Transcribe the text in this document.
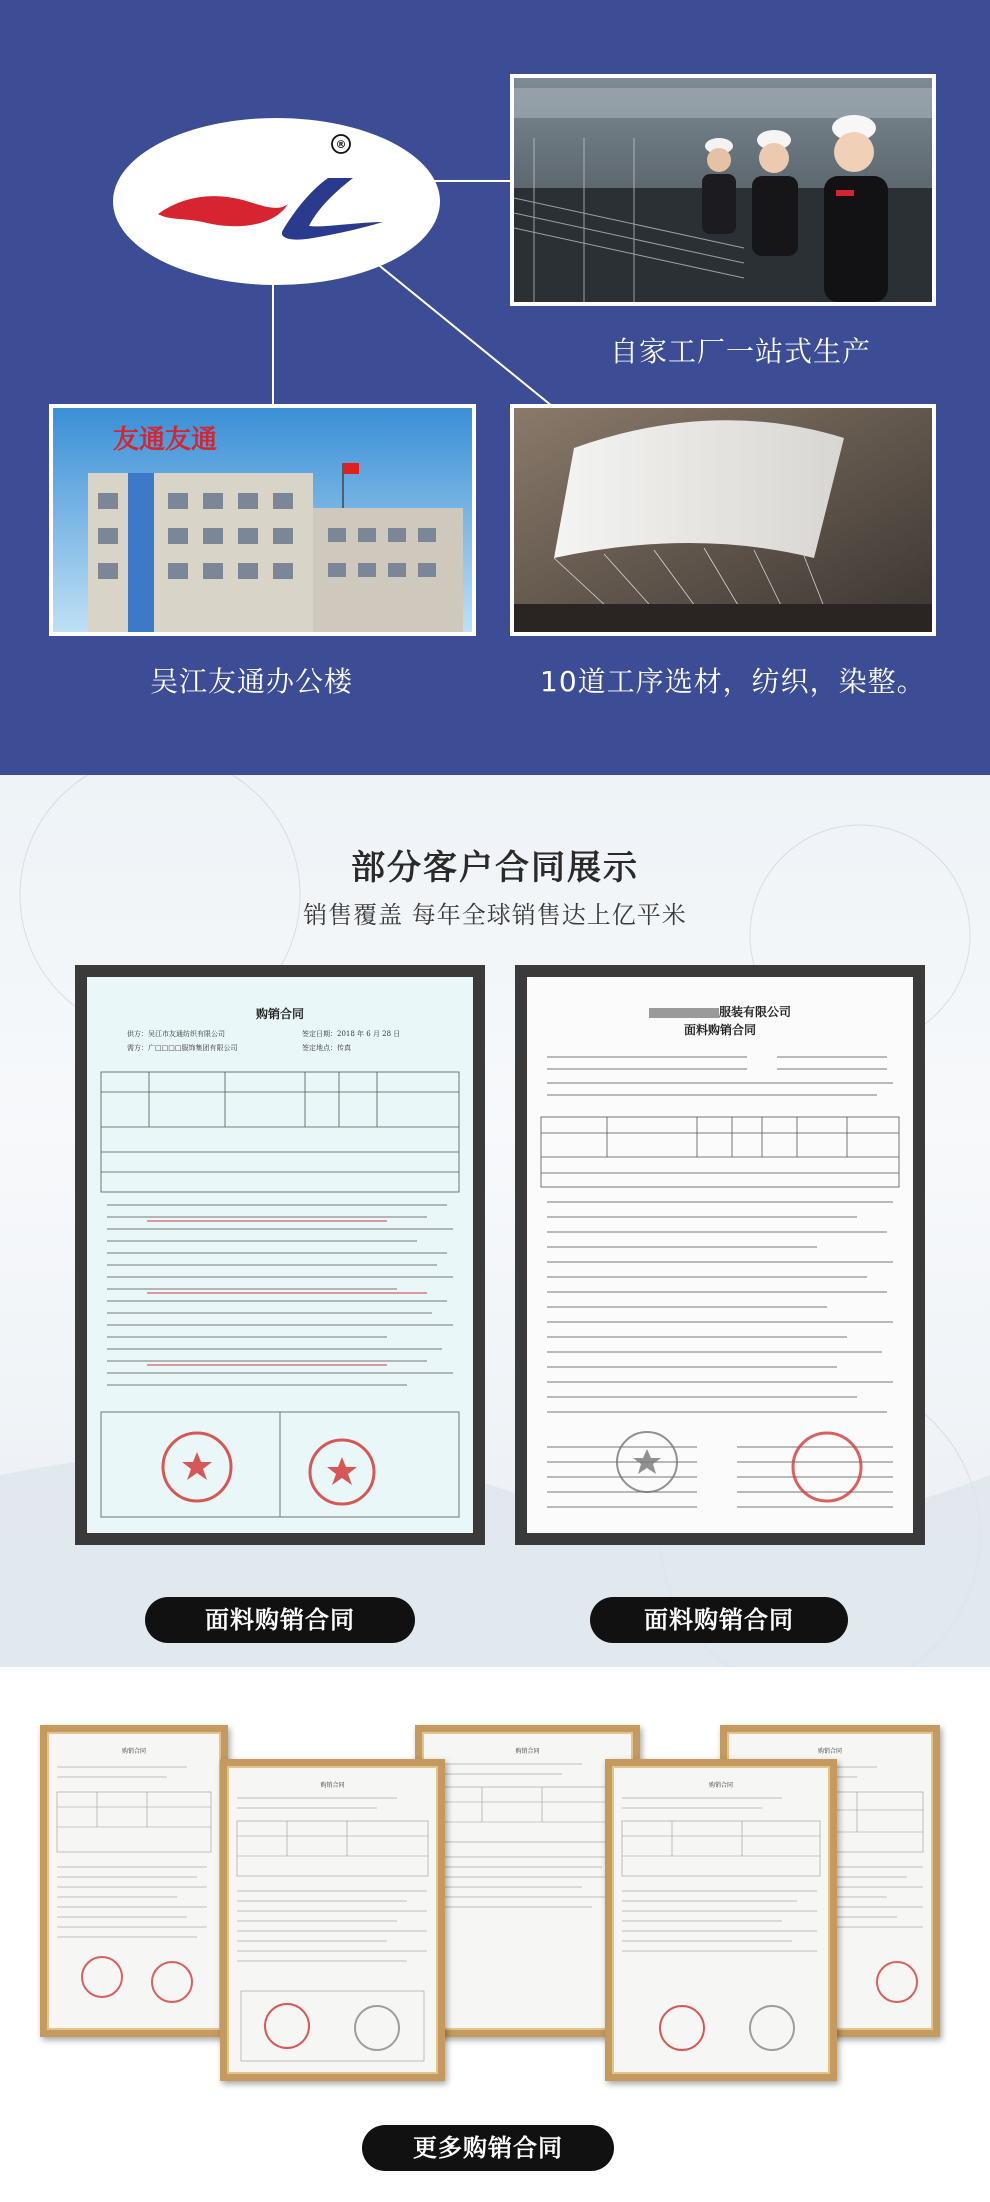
®
自家工厂一站式生产
友通友通
吴江友通办公楼	10道工序选材，纺织，染整。
部分客户合同展示
销售覆盖 每年全球销售达上亿平米
购销合同
供方：吴江市友通纺织有限公司
需方：广□□□□服饰集团有限公司
签定日期：2018 年 6 月 28 日
签定地点：传真
服装有限公司
面料购销合同
面料购销合同	面料购销合同
购销合同	购销合同	购销合同
购销合同	购销合同
更多购销合同
